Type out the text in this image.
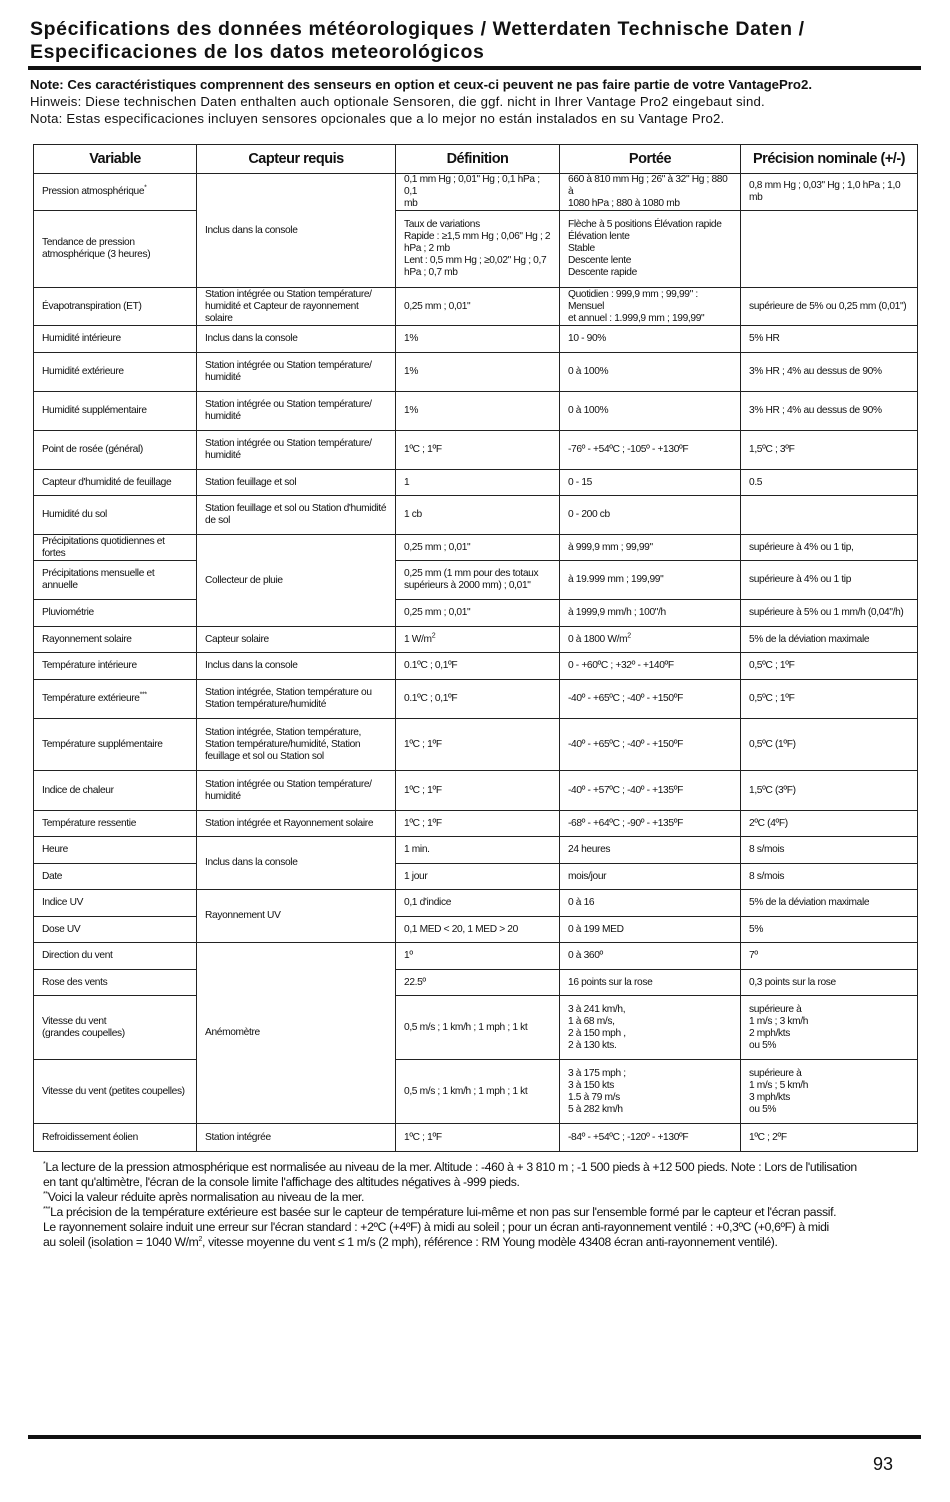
Spécifications des données météorologiques / Wetterdaten Technische Daten /
Especificaciones de los datos meteorológicos
Note: Ces caractéristiques comprennent des senseurs en option et ceux-ci peuvent ne pas faire partie de votre VantagePro2.
Hinweis: Diese technischen Daten enthalten auch optionale Sensoren, die ggf. nicht in Ihrer Vantage Pro2 eingebaut sind.
Nota: Estas especificaciones incluyen sensores opcionales que a lo mejor no están instalados en su Vantage Pro2.
Variable	Capteur requis	Définition	Portée	Précision nominale (+/-)
Pression atmosphérique*	Inclus dans la console	0,1 mm Hg ; 0,01" Hg ; 0,1 hPa ; 0,1
mb	660 à 810 mm Hg ; 26" à 32" Hg ; 880 à
1080 hPa ; 880 à 1080 mb	0,8 mm Hg ; 0,03" Hg ; 1,0 hPa ; 1,0
mb
Tendance de pression
atmosphérique (3 heures)		Taux de variations
Rapide : ≥1,5 mm Hg ; 0,06" Hg ; 2
hPa ; 2 mb
Lent : 0,5 mm Hg ; ≥0,02" Hg ; 0,7
hPa ; 0,7 mb	Flèche à 5 positions Élévation rapide
Élévation lente
Stable
Descente lente
Descente rapide	
Évapotranspiration (ET)	Station intégrée ou Station température/
humidité et Capteur de rayonnement solaire	0,25 mm ; 0,01"	Quotidien : 999,9 mm ; 99,99" : Mensuel
et annuel : 1.999,9 mm ; 199,99"	supérieure de 5% ou 0,25 mm (0,01")
Humidité intérieure	Inclus dans la console	1%	10 - 90%	5% HR
Humidité extérieure	Station intégrée ou Station température/
humidité	1%	0 à 100%	3% HR ; 4% au dessus de 90%
Humidité supplémentaire	Station intégrée ou Station température/
humidité	1%	0 à 100%	3% HR ; 4% au dessus de 90%
Point de rosée (général)	Station intégrée ou Station température/
humidité	1ºC ; 1ºF	-76º - +54ºC ; -105º - +130ºF	1,5ºC ; 3ºF
Capteur d'humidité de feuillage	Station feuillage et sol	1	0 - 15	0.5
Humidité du sol	Station feuillage et sol ou Station d'humidité
de sol	1 cb	0 - 200 cb	
Précipitations quotidiennes et fortes	Collecteur de pluie	0,25 mm ; 0,01"	à 999,9 mm ; 99,99"	supérieure à 4% ou 1 tip,
Précipitations mensuelle et
annuelle		0,25 mm (1 mm pour des totaux
supérieurs à 2000 mm) ; 0,01"	à 19.999 mm ; 199,99"	supérieure à 4% ou 1 tip
Pluviométrie		0,25 mm ; 0,01"	à 1999,9 mm/h ; 100"/h	supérieure à 5% ou 1 mm/h (0,04"/h)
Rayonnement solaire	Capteur solaire	1 $W/m^2$	0 à 1800 $W/m^2$	5% de la déviation maximale
Température intérieure	Inclus dans la console	0.1ºC ; 0,1ºF	0 - +60ºC ; +32º - +140ºF	0,5ºC ; 1ºF
Température extérieure***	Station intégrée, Station température ou
Station température/humidité	0.1ºC ; 0,1ºF	-40º - +65ºC ; -40º - +150ºF	0,5ºC ; 1ºF
Température supplémentaire	Station intégrée, Station température,
Station température/humidité, Station
feuillage et sol ou Station sol	1ºC ; 1ºF	-40º - +65ºC ; -40º - +150ºF	0,5ºC (1ºF)
Indice de chaleur	Station intégrée ou Station température/
humidité	1ºC ; 1ºF	-40º - +57ºC ; -40º - +135ºF	1,5ºC (3ºF)
Température ressentie	Station intégrée et Rayonnement solaire	1ºC ; 1ºF	-68º - +64ºC ; -90º - +135ºF	2ºC (4ºF)
Heure	Inclus dans la console	1 min.	24 heures	8 s/mois
Date		1 jour	mois/jour	8 s/mois
Indice UV	Rayonnement UV	0,1 d'indice	0 à 16	5% de la déviation maximale
Dose UV		0,1 MED < 20, 1 MED > 20	0 à 199 MED	5%
Direction du vent	Anémomètre	1º	0 à 360º	7º
Rose des vents		22.5º	16 points sur la rose	0,3 points sur la rose
Vitesse du vent
(grandes coupelles)		0,5 m/s ; 1 km/h ; 1 mph ; 1 kt	3 à 241 km/h,
1 à 68 m/s,
2 à 150 mph ,
2 à 130 kts.	supérieure à
1 m/s ; 3 km/h
2 mph/kts
ou 5%
Vitesse du vent (petites coupelles)		0,5 m/s ; 1 km/h ; 1 mph ; 1 kt	3 à 175 mph ;
3 à 150 kts
1.5 à 79 m/s
5 à 282 km/h	supérieure à
1 m/s ; 5 km/h
3 mph/kts
ou 5%
Refroidissement éolien	Station intégrée	1ºC ; 1ºF	-84º - +54ºC ; -120º - +130ºF	1ºC ; 2ºF
*La lecture de la pression atmosphérique est normalisée au niveau de la mer. Altitude : -460 à + 3 810 m ; -1 500 pieds à +12 500 pieds. Note : Lors de l'utilisation
en tant qu'altimètre, l'écran de la console limite l'affichage des altitudes négatives à -999 pieds.
**Voici la valeur réduite après normalisation au niveau de la mer.
***La précision de la température extérieure est basée sur le capteur de température lui-même et non pas sur l'ensemble formé par le capteur et l'écran passif.
Le rayonnement solaire induit une erreur sur l'écran standard : +2ºC (+4ºF) à midi au soleil ; pour un écran anti-rayonnement ventilé : +0,3ºC (+0,6ºF) à midi
au soleil (isolation = 1040 $W/m^2$, vitesse moyenne du vent ≤ 1 m/s (2 mph), référence : RM Young modèle 43408 écran anti-rayonnement ventilé).
93
